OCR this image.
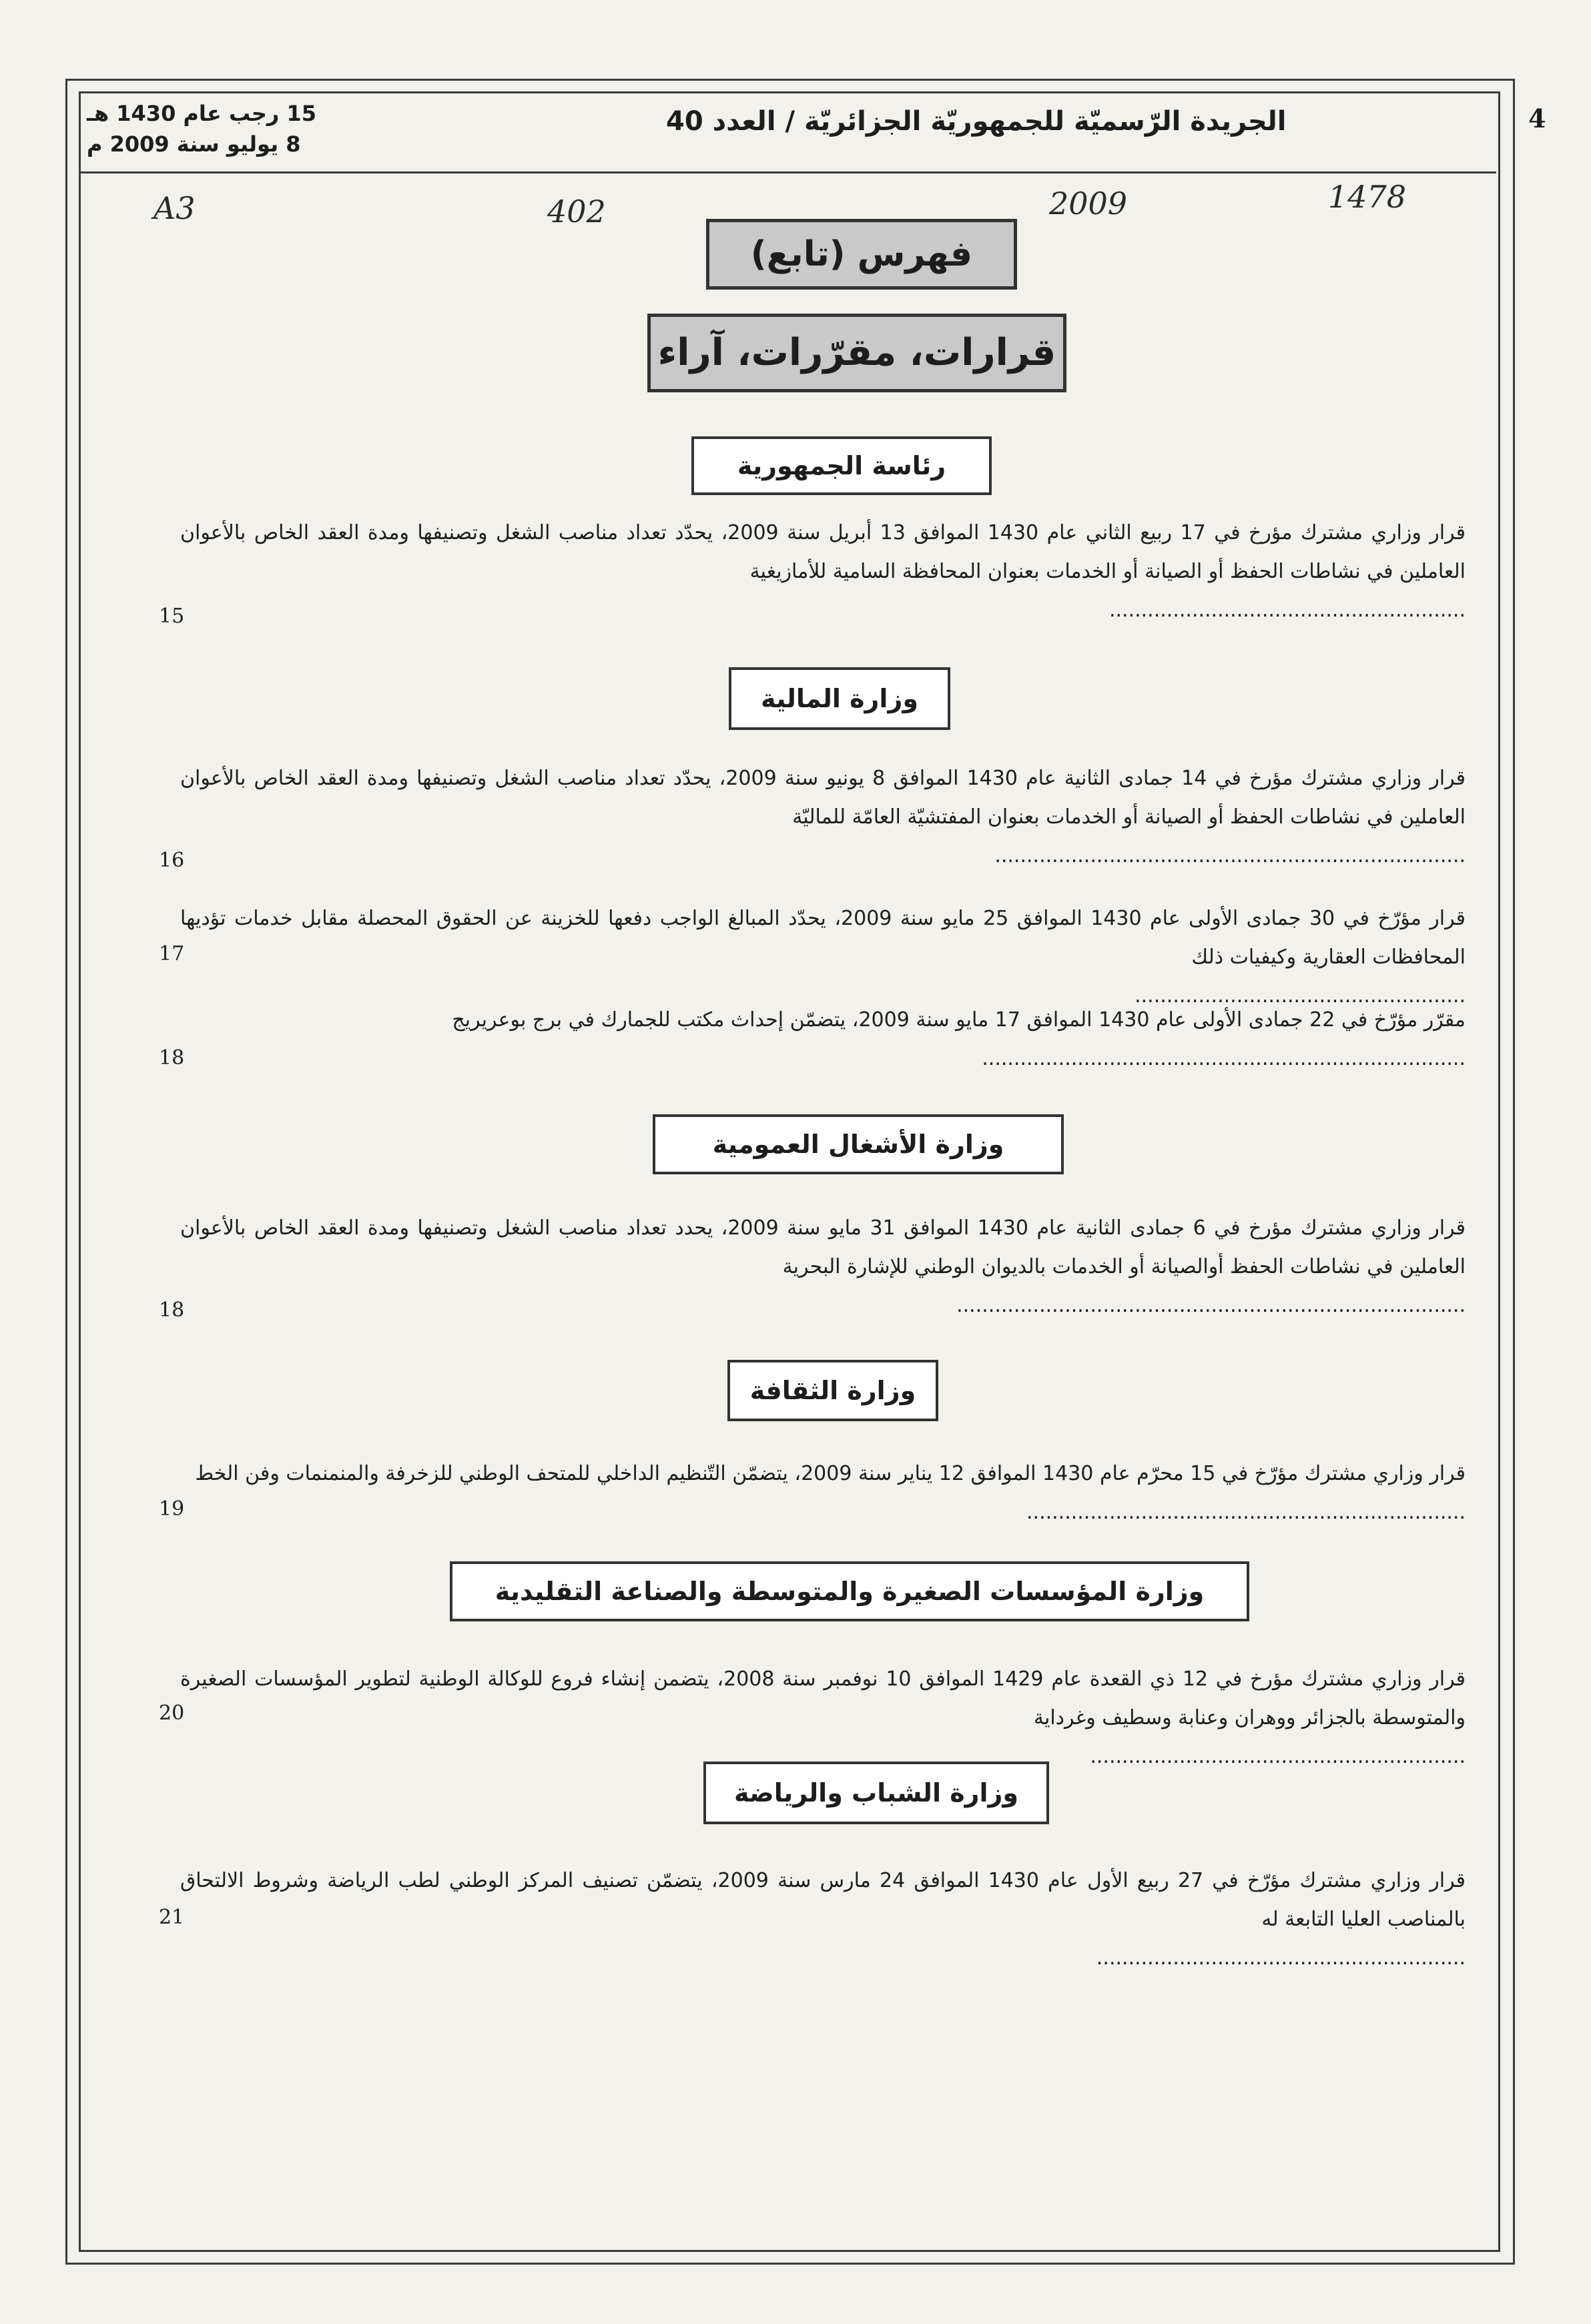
4
الجريدة الرّسميّة للجمهوريّة الجزائريّة / العدد 40
15 رجب عام 1430 هـ
8 يوليو سنة 2009 م
A3	402	2009	1478
فهرس (تابع)
قرارات، مقرّرات، آراء
رئاسة الجمهورية

قرار وزاري مشترك مؤرخ في 17 ربيع الثاني عام 1430 الموافق 13 أبريل سنة 2009، يحدّد تعداد مناصب الشغل وتصنيفها ومدة العقد الخاص بالأعوان العاملين في نشاطات الحفظ أو الصيانة أو الخدمات بعنوان المحافظة السامية للأمازيغية

........................................................
15
وزارة المالية

قرار وزاري مشترك مؤرخ في 14 جمادى الثانية عام 1430 الموافق 8 يونيو سنة 2009، يحدّد تعداد مناصب الشغل وتصنيفها ومدة العقد الخاص بالأعوان العاملين في نشاطات الحفظ أو الصيانة أو الخدمات بعنوان المفتشيّة العامّة للماليّة

..........................................................................
16

قرار مؤرّخ في 30 جمادى الأولى عام 1430 الموافق 25 مايو سنة 2009، يحدّد المبالغ الواجب دفعها للخزينة عن الحقوق المحصلة مقابل خدمات تؤديها المحافظات العقارية وكيفيات ذلك

....................................................
17

مقرّر مؤرّخ في 22 جمادى الأولى عام 1430 الموافق 17 مايو سنة 2009، يتضمّن إحداث مكتب للجمارك في برج بوعريريج

............................................................................
18
وزارة الأشغال العمومية

قرار وزاري مشترك مؤرخ في 6 جمادى الثانية عام 1430 الموافق 31 مايو سنة 2009، يحدد تعداد مناصب الشغل وتصنيفها ومدة العقد الخاص بالأعوان العاملين في نشاطات الحفظ أوالصيانة أو الخدمات بالديوان الوطني للإشارة البحرية

................................................................................
18
وزارة الثقافة

قرار وزاري مشترك مؤرّخ في 15 محرّم عام 1430 الموافق 12 يناير سنة 2009، يتضمّن التّنظيم الداخلي للمتحف الوطني للزخرفة والمنمنمات وفن الخط

.....................................................................
19
وزارة المؤسسات الصغيرة والمتوسطة والصناعة التقليدية

قرار وزاري مشترك مؤرخ في 12 ذي القعدة عام 1429 الموافق 10 نوفمبر سنة 2008، يتضمن إنشاء فروع للوكالة الوطنية لتطوير المؤسسات الصغيرة والمتوسطة بالجزائر ووهران وعنابة وسطيف وغرداية

...........................................................
20
وزارة الشباب والرياضة

قرار وزاري مشترك مؤرّخ في 27 ربيع الأول عام 1430 الموافق 24 مارس سنة 2009، يتضمّن تصنيف المركز الوطني لطب الرياضة وشروط الالتحاق بالمناصب العليا التابعة له

..........................................................
21
